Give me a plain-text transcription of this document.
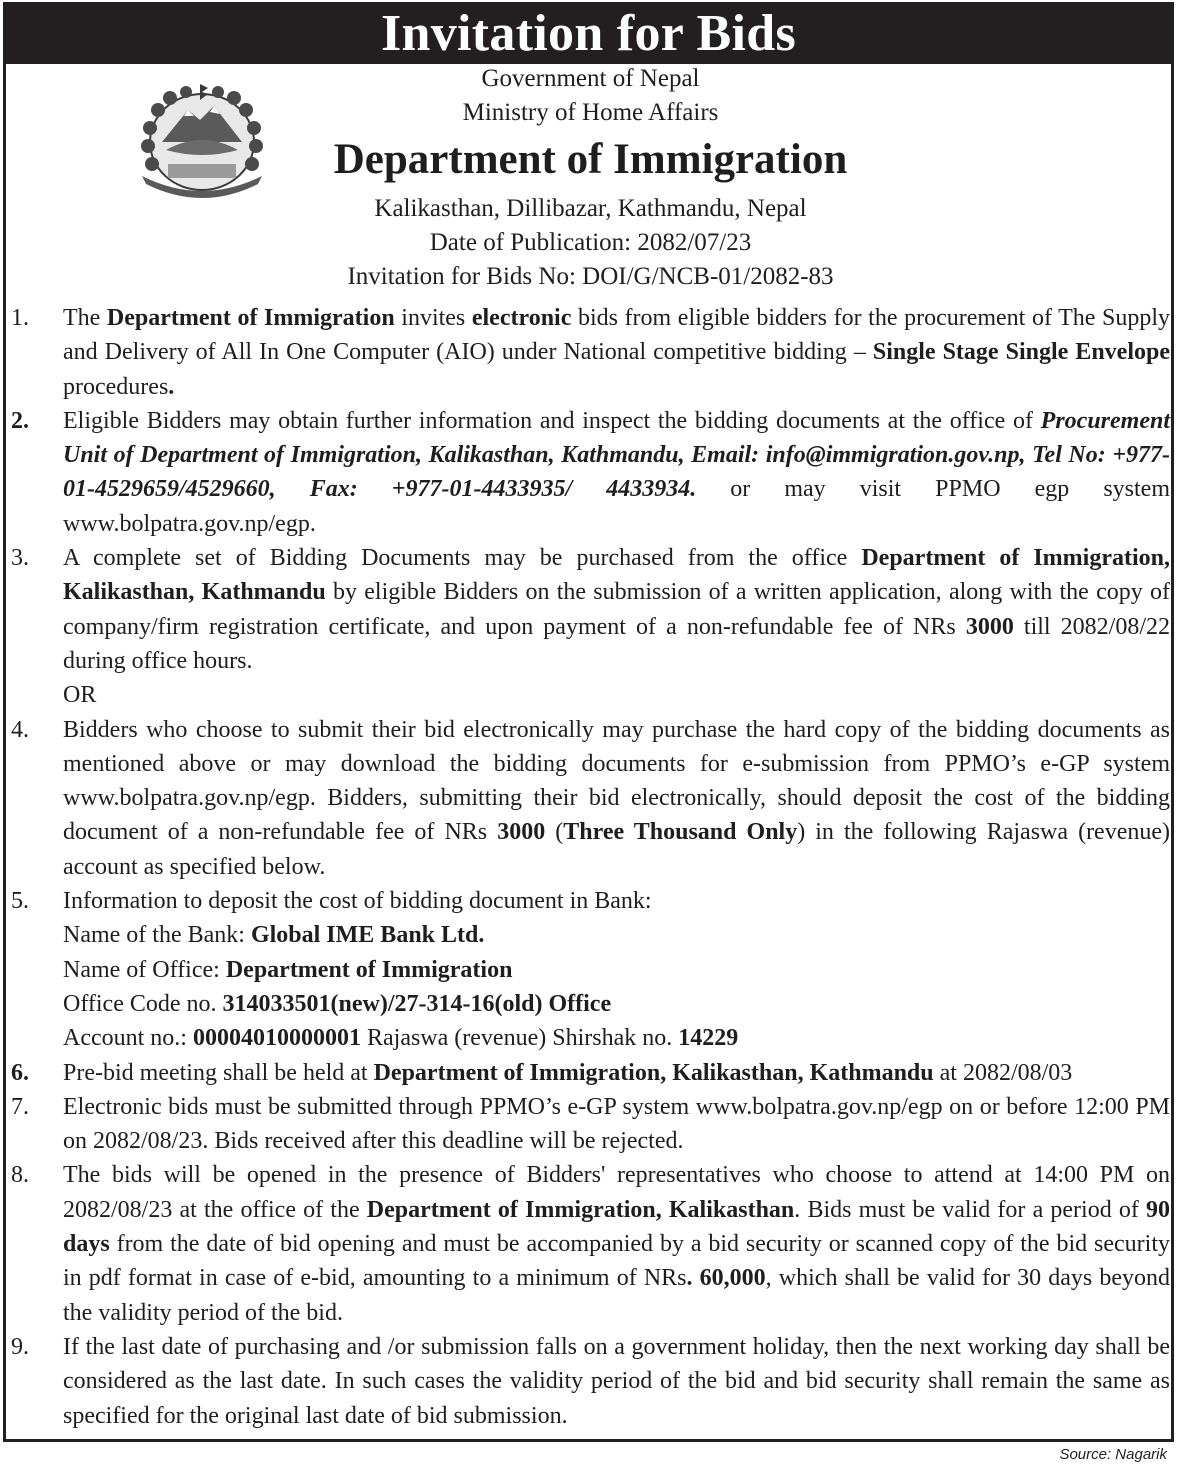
Invitation for Bids
Government of Nepal
Ministry of Home Affairs
Department of Immigration
Kalikasthan, Dillibazar, Kathmandu, Nepal
Date of Publication: 2082/07/23
Invitation for Bids No: DOI/G/NCB-01/2082-83
1.	The Department of Immigration invites electronic bids from eligible bidders for the procurement of The Supply and Delivery of All In One Computer (AIO) under National competitive bidding – Single Stage Single Envelope procedures.
2.	Eligible Bidders may obtain further information and inspect the bidding documents at the office of Procurement Unit of Department of Immigration, Kalikasthan, Kathmandu, Email: info@immigration.gov.np, Tel No: +977-01-4529659/4529660, Fax: +977-01-4433935/ 4433934. or may visit PPMO egp system www.bolpatra.gov.np/egp.
3.	A complete set of Bidding Documents may be purchased from the office Department of Immigration, Kalikasthan, Kathmandu by eligible Bidders on the submission of a written application, along with the copy of company/firm registration certificate, and upon payment of a non-refundable fee of NRs 3000 till 2082/08/22 during office hours.
OR
4.	Bidders who choose to submit their bid electronically may purchase the hard copy of the bidding documents as mentioned above or may download the bidding documents for e-submission from PPMO’s e-GP system www.bolpatra.gov.np/egp. Bidders, submitting their bid electronically, should deposit the cost of the bidding document of a non-refundable fee of NRs 3000 (Three Thousand Only) in the following Rajaswa (revenue) account as specified below.
5.	Information to deposit the cost of bidding document in Bank:
Name of the Bank: Global IME Bank Ltd.
Name of Office: Department of Immigration
Office Code no. 314033501(new)/27-314-16(old) Office
Account no.: 00004010000001 Rajaswa (revenue) Shirshak no. 14229
6.	Pre-bid meeting shall be held at Department of Immigration, Kalikasthan, Kathmandu at 2082/08/03
7.	Electronic bids must be submitted through PPMO’s e-GP system www.bolpatra.gov.np/egp on or before 12:00 PM on 2082/08/23. Bids received after this deadline will be rejected.
8.	The bids will be opened in the presence of Bidders' representatives who choose to attend at 14:00 PM on 2082/08/23 at the office of the Department of Immigration, Kalikasthan. Bids must be valid for a period of 90 days from the date of bid opening and must be accompanied by a bid security or scanned copy of the bid security in pdf format in case of e-bid, amounting to a minimum of NRs. 60,000, which shall be valid for 30 days beyond the validity period of the bid.
9.	If the last date of purchasing and /or submission falls on a government holiday, then the next working day shall be considered as the last date. In such cases the validity period of the bid and bid security shall remain the same as specified for the original last date of bid submission.
Source: Nagarik
